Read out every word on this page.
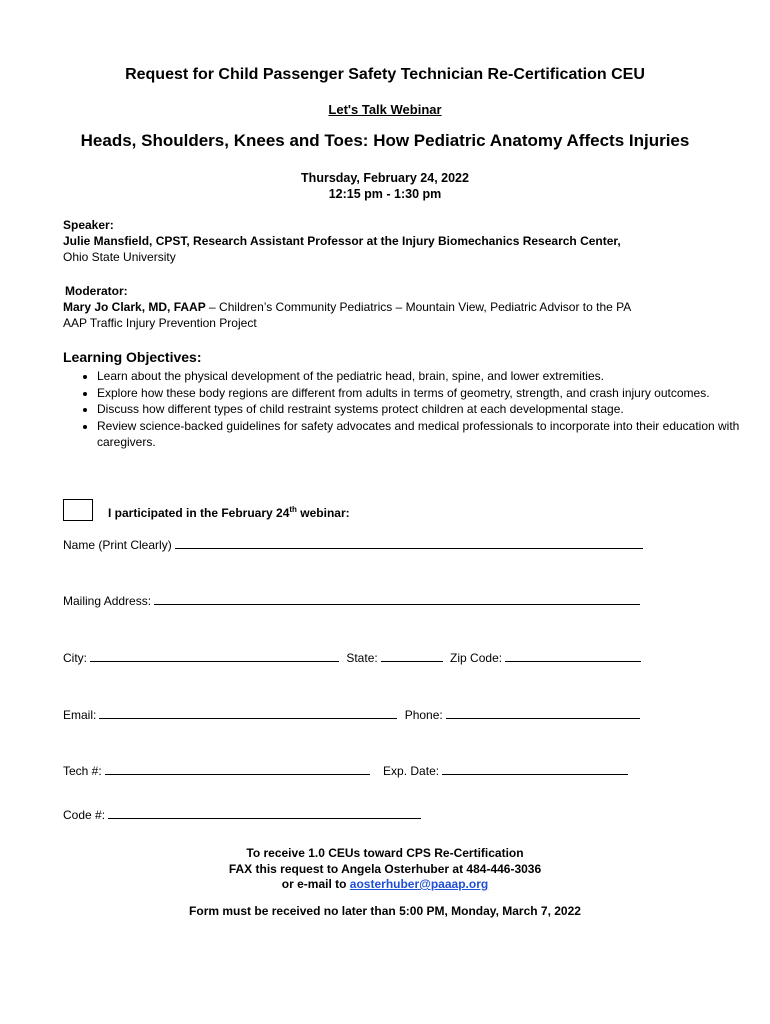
Request for Child Passenger Safety Technician Re-Certification CEU
Let's Talk Webinar
Heads, Shoulders, Knees and Toes: How Pediatric Anatomy Affects Injuries
Thursday, February 24, 2022
12:15 pm - 1:30 pm
Speaker:
Julie Mansfield, CPST, Research Assistant Professor at the Injury Biomechanics Research Center,
Ohio State University
Moderator:
Mary Jo Clark, MD, FAAP – Children’s Community Pediatrics – Mountain View, Pediatric Advisor to the PA
AAP Traffic Injury Prevention Project
Learning Objectives:
• Learn about the physical development of the pediatric head, brain, spine, and lower extremities.
• Explore how these body regions are different from adults in terms of geometry, strength, and crash injury outcomes.
• Discuss how different types of child restraint systems protect children at each developmental stage.
• Review science-backed guidelines for safety advocates and medical professionals to incorporate into their education with caregivers.
I participated in the February 24th webinar:
Name (Print Clearly)
Mailing Address:
City:	State:	Zip Code:
Email:	Phone:
Tech #:	Exp. Date:
Code #:
To receive 1.0 CEUs toward CPS Re-Certification
FAX this request to Angela Osterhuber at 484-446-3036
or e-mail to aosterhuber@paaap.org
Form must be received no later than 5:00 PM, Monday, March 7, 2022
